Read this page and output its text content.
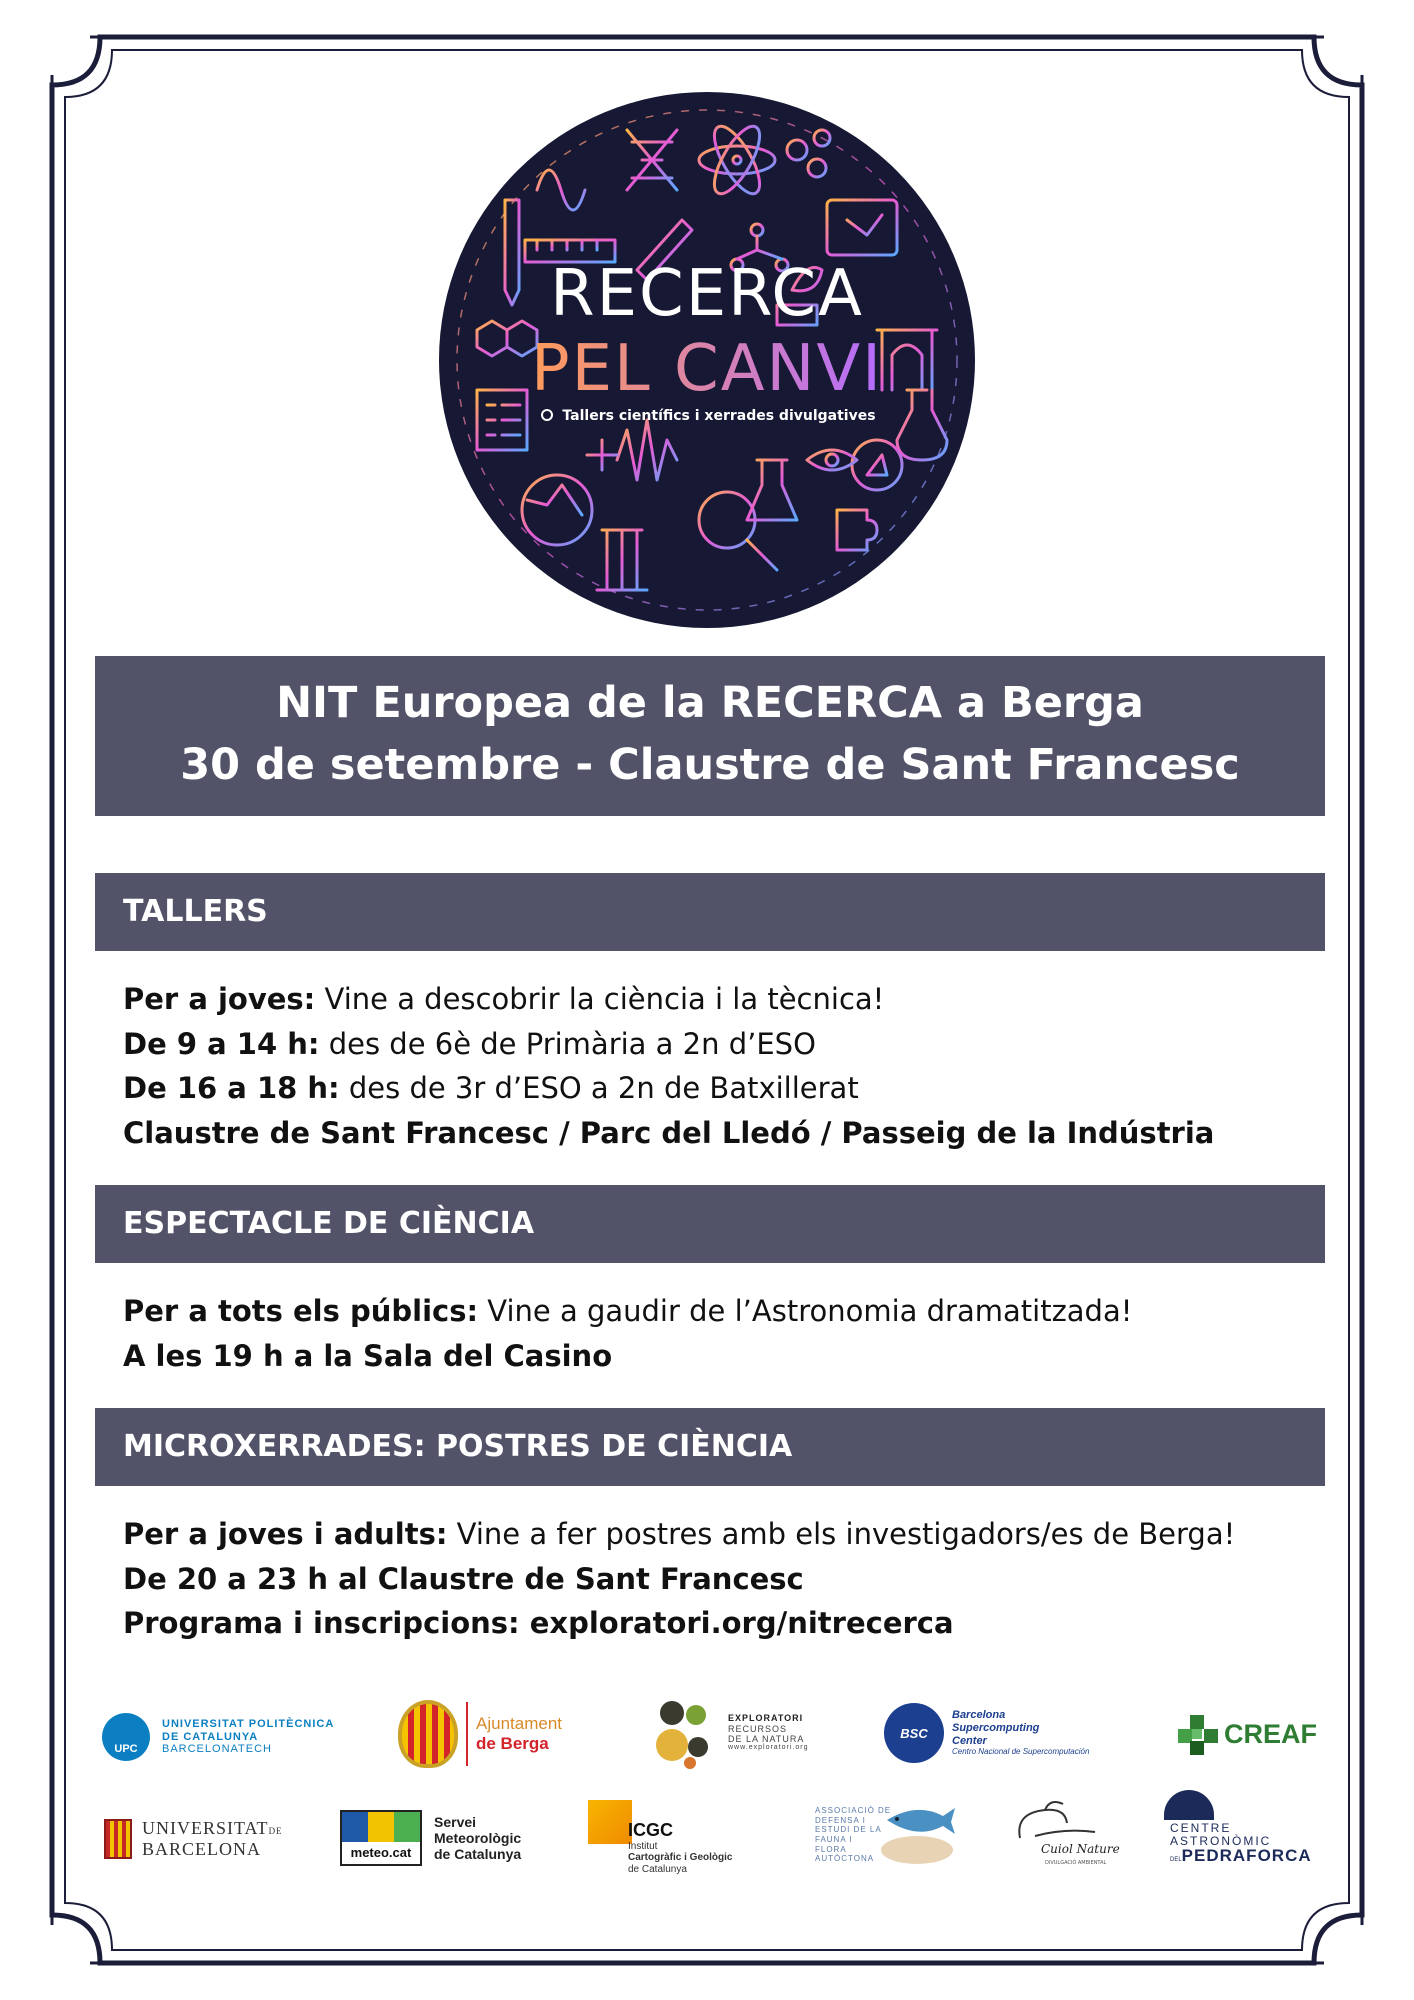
RECERCA
PEL CANVI
Tallers científics i xerrades divulgatives
NIT Europea de la RECERCA a Berga
30 de setembre - Claustre de Sant Francesc
TALLERS
Per a joves: Vine a descobrir la ciència i la tècnica!
De 9 a 14 h: des de 6è de Primària a 2n d’ESO
De 16 a 18 h: des de 3r d’ESO a 2n de Batxillerat
Claustre de Sant Francesc / Parc del Lledó / Passeig de la Indústria
ESPECTACLE DE CIÈNCIA
Per a tots els públics: Vine a gaudir de l’Astronomia dramatitzada!
A les 19 h a la Sala del Casino
MICROXERRADES: POSTRES DE CIÈNCIA
Per a joves i adults: Vine a fer postres amb els investigadors/es de Berga!
De 20 a 23 h al Claustre de Sant Francesc
Programa i inscripcions: exploratori.org/nitrecerca
UPC
UNIVERSITAT POLITÈCNICA
DE CATALUNYA
BARCELONATECH
Ajuntament
de Berga
EXPLORATORI
RECURSOS
DE LA NATURA
www.exploratori.org
BSC
Barcelona
Supercomputing
Center
Centro Nacional de Supercomputación
CREAF
UNIVERSITATDE
BARCELONA	meteo.cat
Servei
Meteorològic
de Catalunya
ICGC
Institut
Cartogràfic i Geològic
de Catalunya
ASSOCIACIÓ DE
DEFENSA I
ESTUDI DE LA
FAUNA I
FLORA
AUTÒCTONA
Cuiol Nature
DIVULGACIÓ AMBIENTAL
CENTRE
ASTRONÒMIC
DELPEDRAFORCA
